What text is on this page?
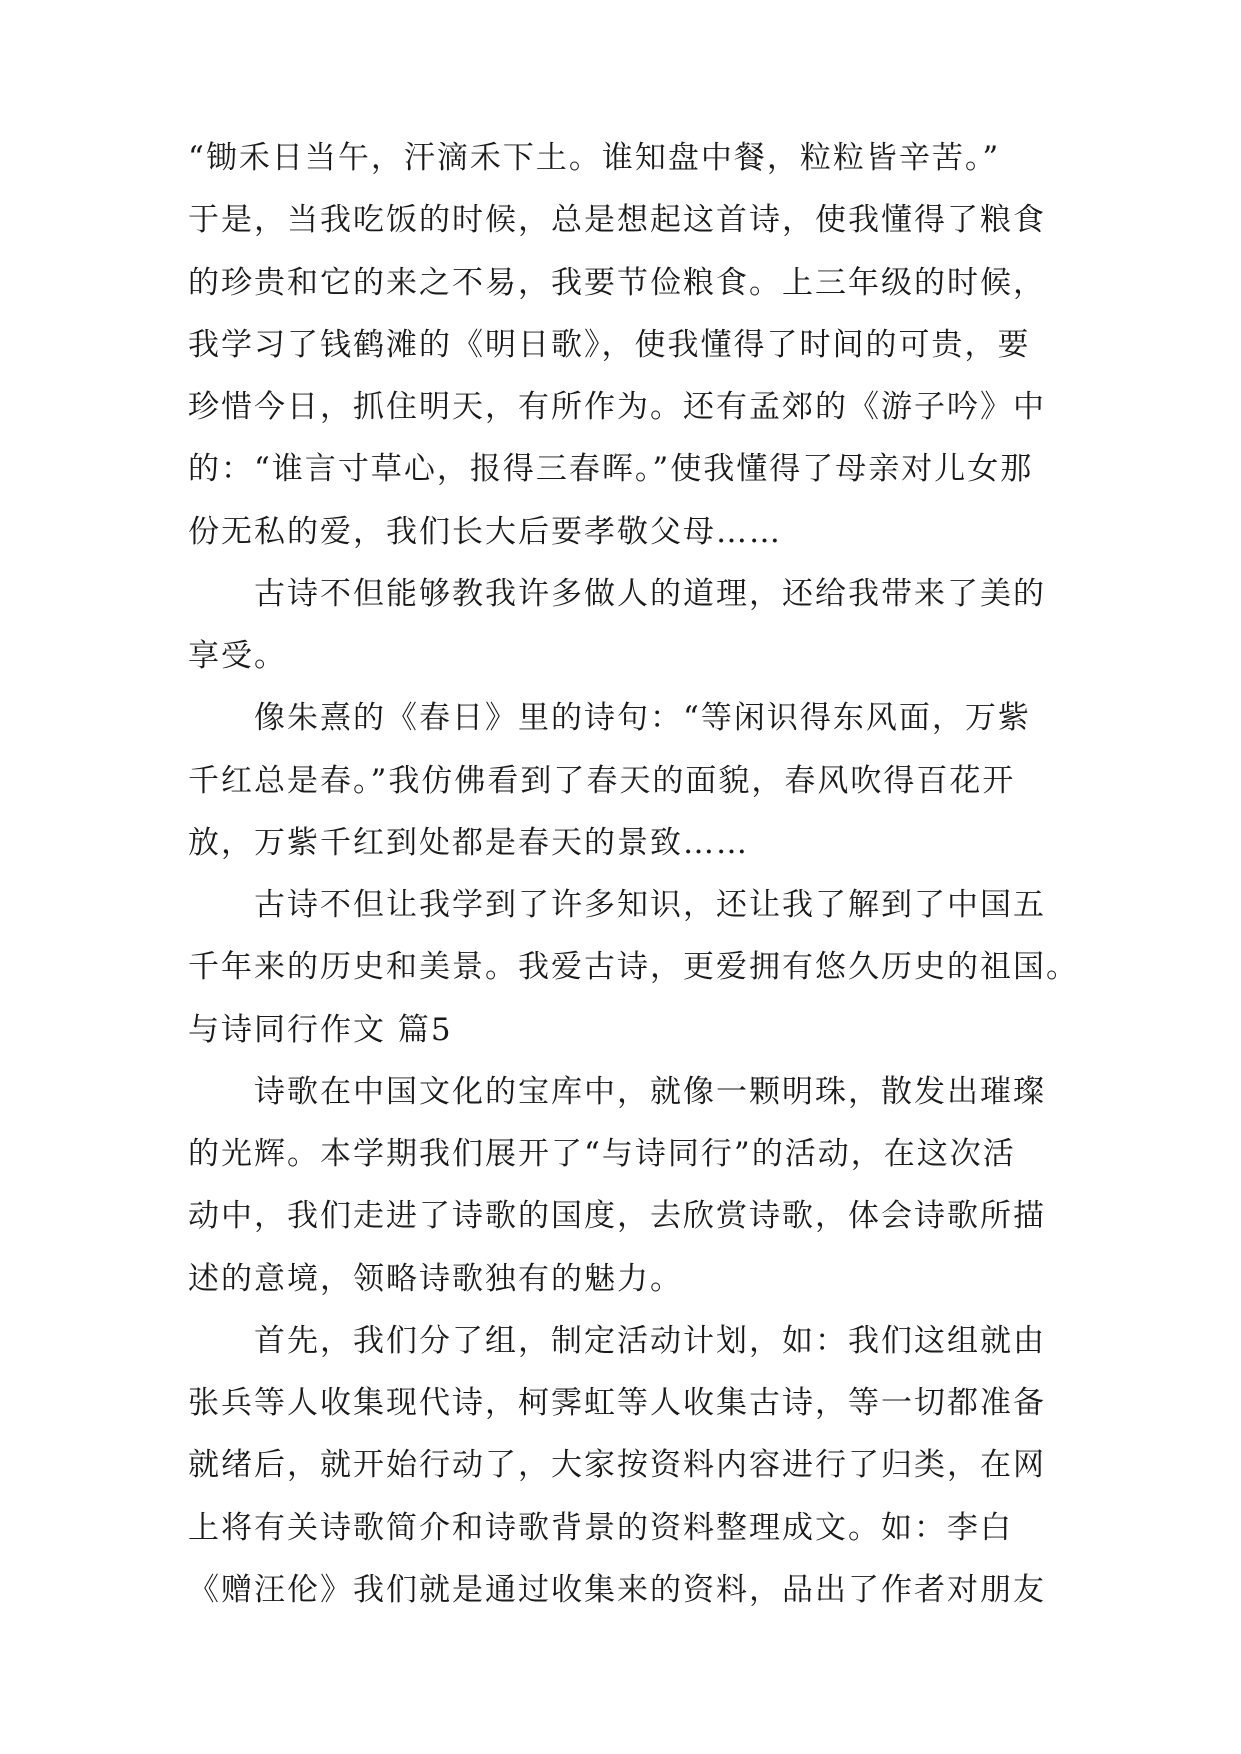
“锄禾日当午，汗滴禾下土。谁知盘中餐，粒粒皆辛苦。”
于是，当我吃饭的时候，总是想起这首诗，使我懂得了粮食
的珍贵和它的来之不易，我要节俭粮食。上三年级的时候，
我学习了钱鹤滩的《明日歌》，使我懂得了时间的可贵，要
珍惜今日，抓住明天，有所作为。还有孟郊的《游子吟》中
的：“谁言寸草心，报得三春晖。”使我懂得了母亲对儿女那
份无私的爱，我们长大后要孝敬父母……
古诗不但能够教我许多做人的道理，还给我带来了美的
享受。
像朱熹的《春日》里的诗句：“等闲识得东风面，万紫
千红总是春。”我仿佛看到了春天的面貌，春风吹得百花开
放，万紫千红到处都是春天的景致……
古诗不但让我学到了许多知识，还让我了解到了中国五
千年来的历史和美景。我爱古诗，更爱拥有悠久历史的祖国。
与诗同行作文 篇5
诗歌在中国文化的宝库中，就像一颗明珠，散发出璀璨
的光辉。本学期我们展开了“与诗同行”的活动，在这次活
动中，我们走进了诗歌的国度，去欣赏诗歌，体会诗歌所描
述的意境，领略诗歌独有的魅力。
首先，我们分了组，制定活动计划，如：我们这组就由
张兵等人收集现代诗，柯霁虹等人收集古诗，等一切都准备
就绪后，就开始行动了，大家按资料内容进行了归类，在网
上将有关诗歌简介和诗歌背景的资料整理成文。如：李白
《赠汪伦》我们就是通过收集来的资料，品出了作者对朋友
